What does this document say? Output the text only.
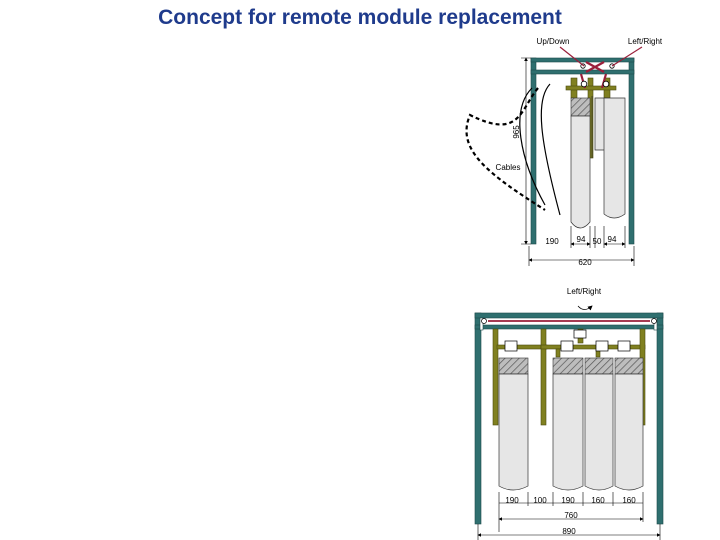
Concept for remote module replacement
965
Up/Down	Left/Right
Cables
190 94 50 94
620
Left/Right
190 100 190 160 160
760
890
